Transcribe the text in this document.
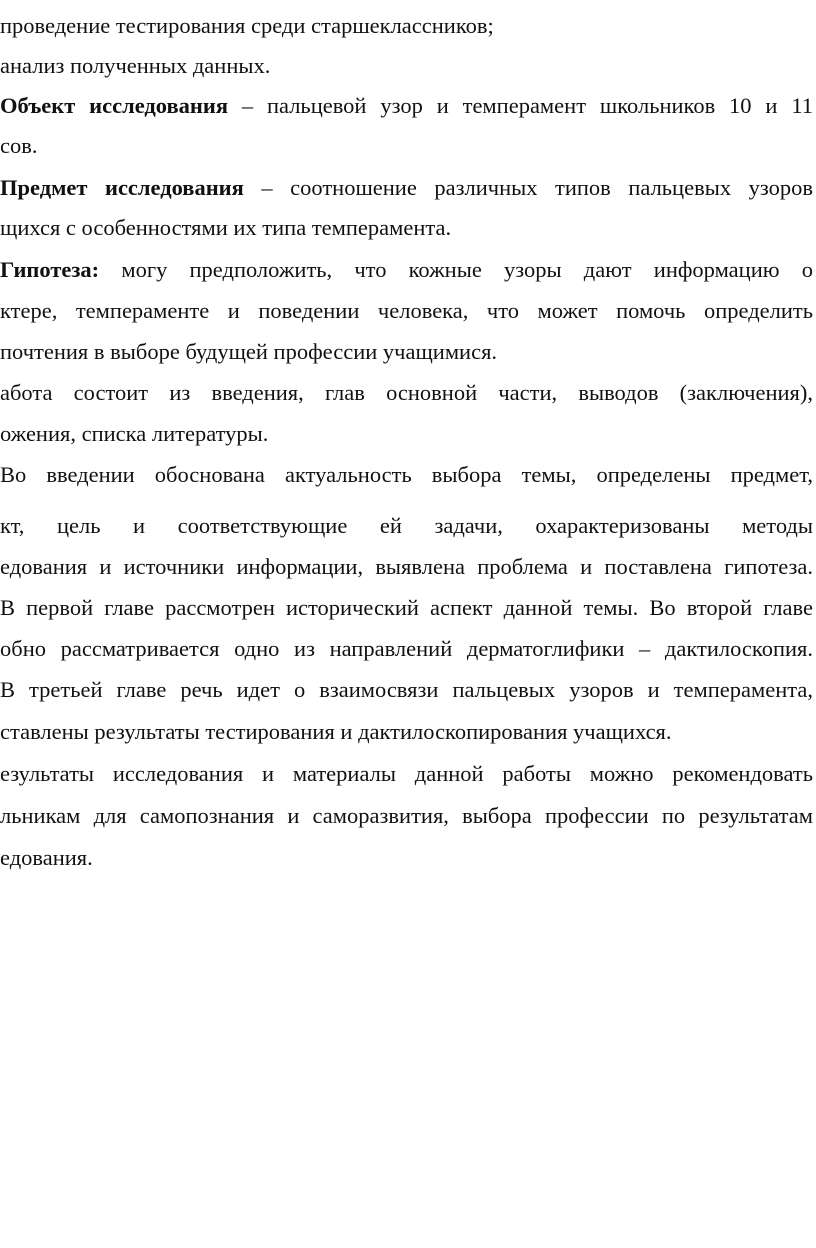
проведение тестирования среди старшеклассников;
анализ полученных данных.
Объект исследования – пальцевой узор и темперамент школьников 10 и 11
сов.
Предмет исследования – соотношение различных типов пальцевых узоров
щихся с особенностями их типа темперамента.
Гипотеза: могу предположить, что кожные узоры дают информацию о
ктере, темпераменте и поведении человека, что может помочь определить
почтения в выборе будущей профессии учащимися.
абота состоит из введения, глав основной части, выводов (заключения),
ожения, списка литературы.
Во введении обоснована актуальность выбора темы, определены предмет,
кт, цель и соответствующие ей задачи, охарактеризованы методы
едования и источники информации, выявлена проблема и поставлена гипотеза.
В первой главе рассмотрен исторический аспект данной темы. Во второй главе
обно рассматривается одно из направлений дерматоглифики – дактилоскопия.
В третьей главе речь идет о взаимосвязи пальцевых узоров и темперамента,
ставлены результаты тестирования и дактилоскопирования учащихся.
езультаты исследования и материалы данной работы можно рекомендовать
льникам для самопознания и саморазвития, выбора профессии по результатам
едования.
